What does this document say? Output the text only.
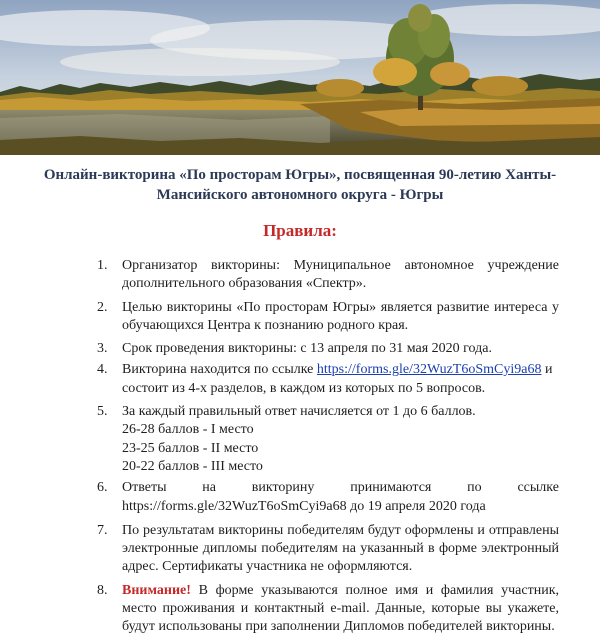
Онлайн-викторина «По просторам Югры», посвященная 90-летию Ханты-Мансийского автономного округа - Югры
Правила:
1.	Организатор викторины: Муниципальное автономное учреждение дополнительного образования «Спектр».
2.	Целью викторины «По просторам Югры» является развитие интереса у обучающихся Центра к познанию родного края.
3.	Срок проведения викторины: с 13 апреля по 31 мая 2020 года.
4.	Викторина находится по ссылке https://forms.gle/32WuzT6oSmCyi9a68 и состоит из 4-х разделов, в каждом из которых по 5 вопросов.
5.	За каждый правильный ответ начисляется от 1 до 6 баллов.
26-28 баллов - I место
23-25 баллов - II место
20-22 баллов - III место
6.	Ответы	на	викторину	принимаются	по	ссылке
https://forms.gle/32WuzT6oSmCyi9a68 до 19 апреля 2020 года
7.	По результатам викторины победителям будут оформлены и отправлены электронные дипломы победителям на указанный в форме электронный адрес. Сертификаты участника не оформляются.
8.	Внимание! В форме указываются полное имя и фамилия участник, место проживания и контактный e-mail. Данные, которые вы укажете, будут использованы при заполнении Дипломов победителей викторины.
